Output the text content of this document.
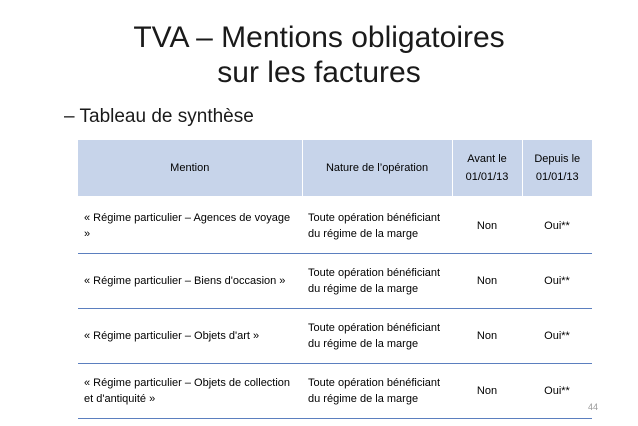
TVA – Mentions obligatoires
sur les factures
– Tableau de synthèse
Mention	Nature de l’opération	Avant le 01/01/13	Depuis le 01/01/13
« Régime particulier – Agences de voyage »	Toute opération bénéficiant du régime de la marge	Non	Oui**
« Régime particulier – Biens d'occasion »	Toute opération bénéficiant du régime de la marge	Non	Oui**
« Régime particulier – Objets d'art »	Toute opération bénéficiant du régime de la marge	Non	Oui**
« Régime particulier – Objets de collection et d'antiquité »	Toute opération bénéficiant du régime de la marge	Non	Oui**
44
